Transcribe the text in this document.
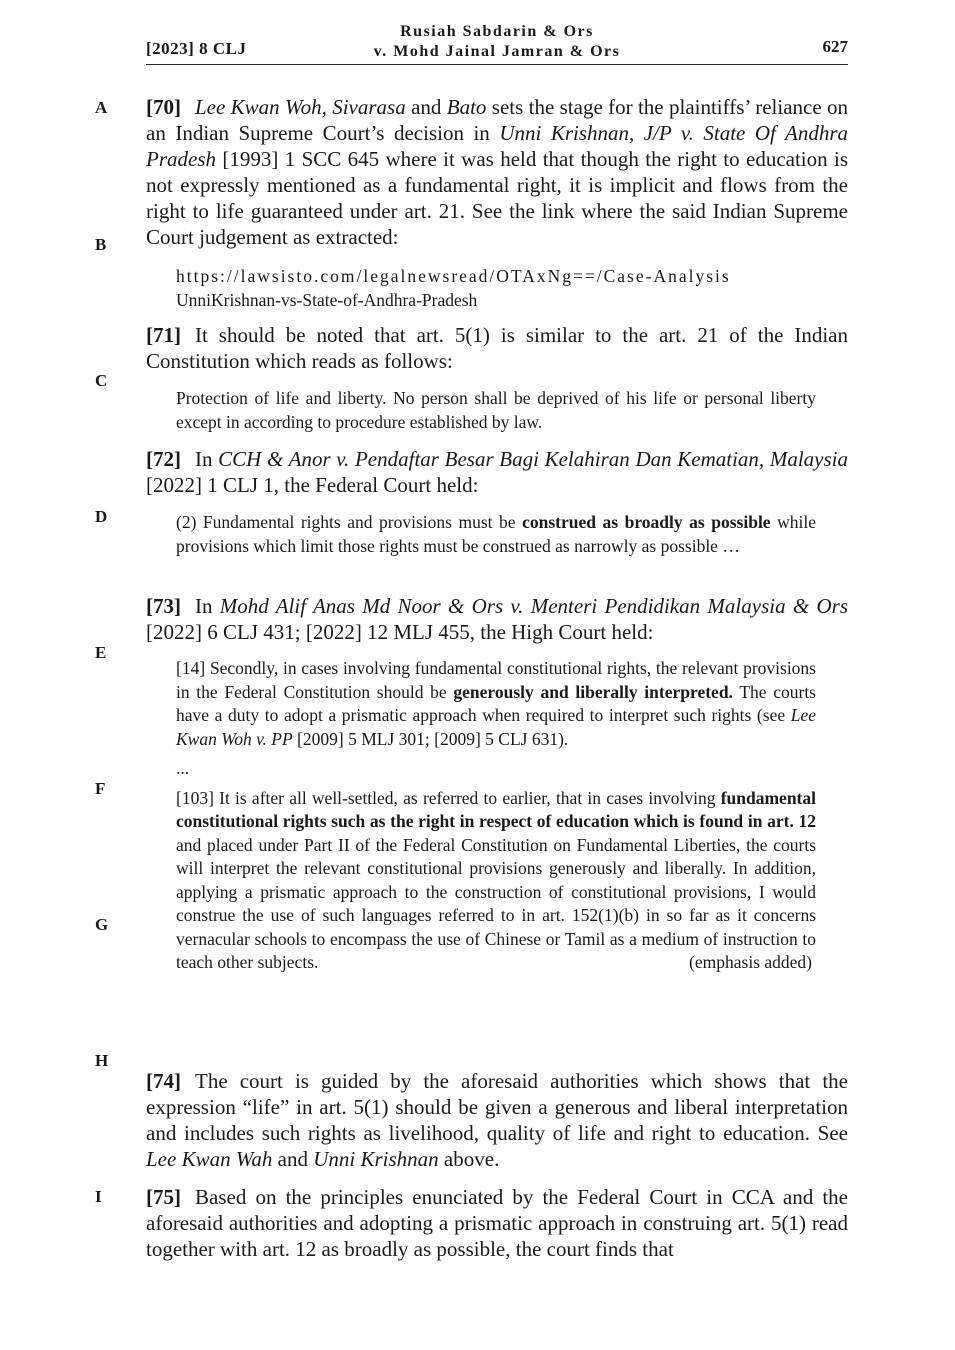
[2023] 8 CLJ
Rusiah Sabdarin & Ors
v. Mohd Jainal Jamran & Ors	627
A
B
C
D
E
F
G
H
I

[70] Lee Kwan Woh, Sivarasa and Bato sets the stage for the plaintiffs’ reliance on an Indian Supreme Court’s decision in Unni Krishnan, J/P v. State Of Andhra Pradesh [1993] 1 SCC 645 where it was held that though the right to education is not expressly mentioned as a fundamental right, it is implicit and flows from the right to life guaranteed under art. 21. See the link where the said Indian Supreme Court judgement as extracted:

https://lawsisto.com/legalnewsread/OTAxNg==/Case-Analysis

UnniKrishnan-vs-State-of-Andhra-Pradesh

[71] It should be noted that art. 5(1) is similar to the art. 21 of the Indian Constitution which reads as follows:

Protection of life and liberty. No person shall be deprived of his life or personal liberty except in according to procedure established by law.

[72] In CCH & Anor v. Pendaftar Besar Bagi Kelahiran Dan Kematian, Malaysia [2022] 1 CLJ 1, the Federal Court held:

(2) Fundamental rights and provisions must be construed as broadly as possible while provisions which limit those rights must be construed as narrowly as possible …

[73] In Mohd Alif Anas Md Noor & Ors v. Menteri Pendidikan Malaysia & Ors [2022] 6 CLJ 431; [2022] 12 MLJ 455, the High Court held:

[14] Secondly, in cases involving fundamental constitutional rights, the relevant provisions in the Federal Constitution should be generously and liberally interpreted. The courts have a duty to adopt a prismatic approach when required to interpret such rights (see Lee Kwan Woh v. PP [2009] 5 MLJ 301; [2009] 5 CLJ 631).

...

[103] It is after all well-settled, as referred to earlier, that in cases involving fundamental constitutional rights such as the right in respect of education which is found in art. 12 and placed under Part II of the Federal Constitution on Fundamental Liberties, the courts will interpret the relevant constitutional provisions generously and liberally. In addition, applying a prismatic approach to the construction of constitutional provisions, I would construe the use of such languages referred to in art. 152(1)(b) in so far as it concerns vernacular schools to encompass the use of Chinese or Tamil as a medium of instruction to teach other subjects.	(emphasis added)

[74] The court is guided by the aforesaid authorities which shows that the expression “life” in art. 5(1) should be given a generous and liberal interpretation and includes such rights as livelihood, quality of life and right to education. See Lee Kwan Wah and Unni Krishnan above.

[75] Based on the principles enunciated by the Federal Court in CCA and the aforesaid authorities and adopting a prismatic approach in construing art. 5(1) read together with art. 12 as broadly as possible, the court finds that
